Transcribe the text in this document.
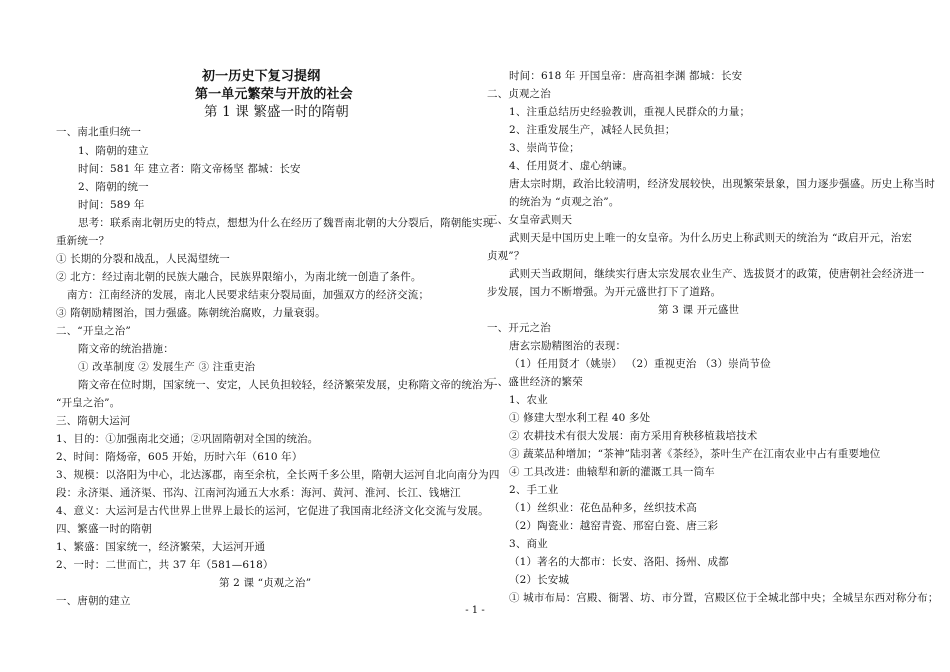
初一历史下复习提纲
第一单元繁荣与开放的社会
第 1 课 繁盛一时的隋朝
一、南北重归统一
1、隋朝的建立
时间：581 年 建立者：隋文帝杨坚 都城：长安
2、隋朝的统一
时间：589 年
思考：联系南北朝历史的特点，想想为什么在经历了魏晋南北朝的大分裂后，隋朝能实现
重新统一？
① 长期的分裂和战乱，人民渴望统一
② 北方：经过南北朝的民族大融合，民族界限缩小，为南北统一创造了条件。
南方：江南经济的发展，南北人民要求结束分裂局面，加强双方的经济交流；
③ 隋朝励精图治，国力强盛。陈朝统治腐败，力量衰弱。
二、“开皇之治”
隋文帝的统治措施：
① 改革制度 ② 发展生产 ③ 注重吏治
隋文帝在位时期，国家统一、安定，人民负担较轻，经济繁荣发展，史称隋文帝的统治为
“开皇之治”。
三、隋朝大运河
1、目的：①加强南北交通；②巩固隋朝对全国的统治。
2、时间：隋炀帝，605 开始，历时六年（610 年）
3、规模：以洛阳为中心，北达涿郡，南至余杭，全长两千多公里，隋朝大运河自北向南分为四
段：永济渠、通济渠、邗沟、江南河沟通五大水系：海河、黄河、淮河、长江、钱塘江
4、意义：大运河是古代世界上世界上最长的运河，它促进了我国南北经济文化交流与发展。
四、繁盛一时的隋朝
1、繁盛：国家统一，经济繁荣，大运河开通
2、一时：二世而亡，共 37 年（581—618）
第 2 课 “贞观之治”
一、唐朝的建立
时间：618 年 开国皇帝：唐高祖李渊 都城：长安
二、贞观之治
1、注重总结历史经验教训，重视人民群众的力量；
2、注重发展生产，减轻人民负担；
3、崇尚节俭；
4、任用贤才、虚心纳谏。
唐太宗时期，政治比较清明，经济发展较快，出现繁荣景象，国力逐步强盛。历史上称当时
的统治为 “贞观之治”。
三、女皇帝武则天
武则天是中国历史上唯一的女皇帝。为什么历史上称武则天的统治为 “政启开元，治宏
贞观”？
武则天当政期间，继续实行唐太宗发展农业生产、选拔贤才的政策，使唐朝社会经济进一
步发展，国力不断增强。为开元盛世打下了道路。
第 3 课 开元盛世
一、开元之治
唐玄宗励精图治的表现：
（1）任用贤才（姚崇） （2）重视吏治 （3）崇尚节俭
二、盛世经济的繁荣
1、农业
① 修建大型水利工程 40 多处
② 农耕技术有很大发展：南方采用育秧移植栽培技术
③ 蔬菜品种增加；“茶神”陆羽著《茶经》，茶叶生产在江南农业中占有重要地位
④ 工具改进：曲辕犁和新的灌溉工具一筒车
2、手工业
（1）丝织业：花色品种多，丝织技术高
（2）陶瓷业：越窑青瓷、邢窑白瓷、唐三彩
3、商业
（1）著名的大都市：长安、洛阳、扬州、成都
（2）长安城
① 城市布局：宫殿、衙署、坊、市分置，宫殿区位于全城北部中央；全城呈东西对称分布；
- 1 -
